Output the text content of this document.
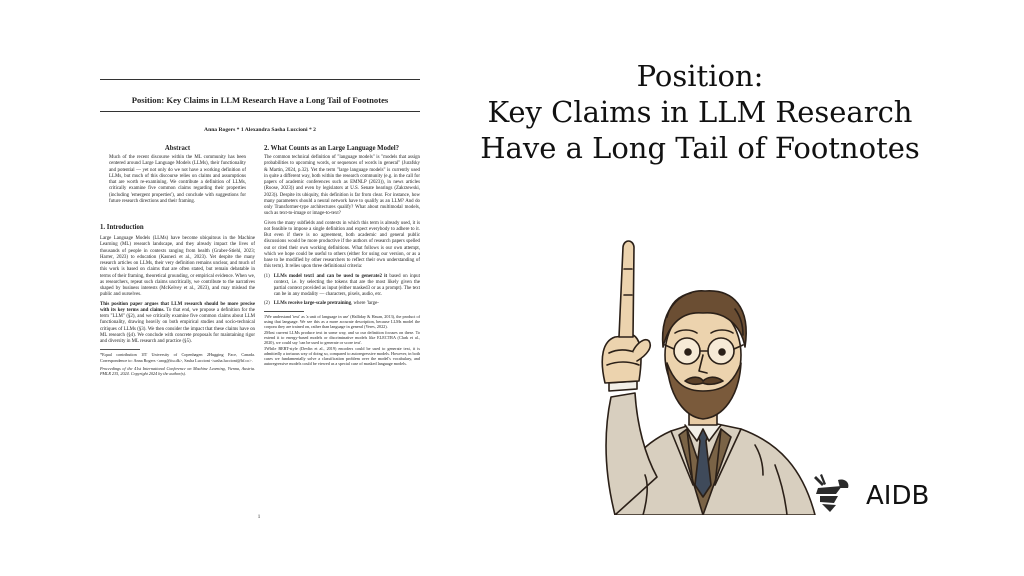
Position: Key Claims in LLM Research Have a Long Tail of Footnotes
Anna Rogers * 1 Alexandra Sasha Luccioni * 2
Abstract
Much of the recent discourse within the ML community has been centered around Large Language Models (LLMs), their functionality and potential — yet not only do we not have a working definition of LLMs, but much of this discourse relies on claims and assumptions that are worth re-examining. We contribute a definition of LLMs, critically examine five common claims regarding their properties (including 'emergent properties'), and conclude with suggestions for future research directions and their framing.
1. Introduction
Large Language Models (LLMs) have become ubiquitous in the Machine Learning (ML) research landscape, and they already impact the lives of thousands of people in contexts ranging from health (Graber-Stiehl, 2023; Harrer, 2023) to education (Kasneci et al., 2023). Yet despite the many research articles on LLMs, their very definition remains unclear, and much of this work is based on claims that are often stated, but remain debatable in terms of their framing, theoretical grounding, or empirical evidence. When we, as researchers, repeat such claims uncritically, we contribute to the narratives shaped by business interests (McKelvey et al., 2023), and may mislead the public and ourselves.
This position paper argues that LLM research should be more precise with its key terms and claims. To that end, we propose a definition for the term "LLM" (§2), and we critically examine five common claims about LLM functionality, drawing heavily on both empirical studies and socio-technical critiques of LLMs (§3). We then consider the impact that these claims have on ML research (§4). We conclude with concrete proposals for maintaining rigor and diversity in ML research and practice (§5).
*Equal contribution 1IT University of Copenhagen 2Hugging Face, Canada. Correspondence to: Anna Rogers <arog@itu.dk>, Sasha Luccioni <sasha.luccioni@hf.co>.
Proceedings of the 41st International Conference on Machine Learning, Vienna, Austria. PMLR 235, 2024. Copyright 2024 by the author(s).
2. What Counts as an Large Language Model?
The common technical definition of "language models" is "models that assign probabilities to upcoming words, or sequences of words in general" (Jurafsky & Martin, 2024, p.32). Yet the term "large language models" is currently used in quite a different way, both within the research community (e.g. in the call for papers of academic conferences such as EMNLP (2023)), in news articles (Roose, 2023)) and even by legislators at U.S. Senate hearings (Zakrzewski, 2023)). Despite its ubiquity, this definition is far from clear. For instance, how many parameters should a neural network have to qualify as an LLM? And do only Transformer-type architectures qualify? What about multimodal models, such as text-to-image or image-to-text?
Given the many subfields and contexts in which this term is already used, it is not feasible to impose a single definition and expect everybody to adhere to it. But even if there is no agreement, both academic and general public discussions would be more productive if the authors of research papers spelled out or cited their own working definitions. What follows is our own attempt, which we hope could be useful to others (either for using our version, or as a base to be modified by other researchers to reflect their own understanding of this term). It relies upon three definitional criteria:
(1) LLMs model text1 and can be used to generate2 it based on input context, i.e. by selecting the tokens that are the most likely given the partial context provided as input (either masked3 or as a prompt). The text can be in any modality — characters, pixels, audio, etc.
(2) LLMs receive large-scale pretraining, where 'large-
1We understand 'text' as 'a unit of language in use' (Halliday & Hasan, 2013), the product of using that language. We see this as a more accurate description, because LLMs model the corpora they are trained on, rather than language in general (Veres, 2022).
2Most current LLMs produce text in some way, and so our definition focuses on these. To extend it to energy-based models or discriminative models like ELECTRA (Clark et al., 2020), we could say 'can be used to generate or score text'.
3While BERT-style (Devlin et al., 2019) encoders could be used to generate text, it is admittedly a tortuous way of doing so, compared to autoregressive models. However, in both cases we fundamentally solve a classification problem over the model's vocabulary, and autoregressive models could be viewed as a special case of masked language models.
1
Position:
Key Claims in LLM Research
Have a Long Tail of Footnotes
AIDB
